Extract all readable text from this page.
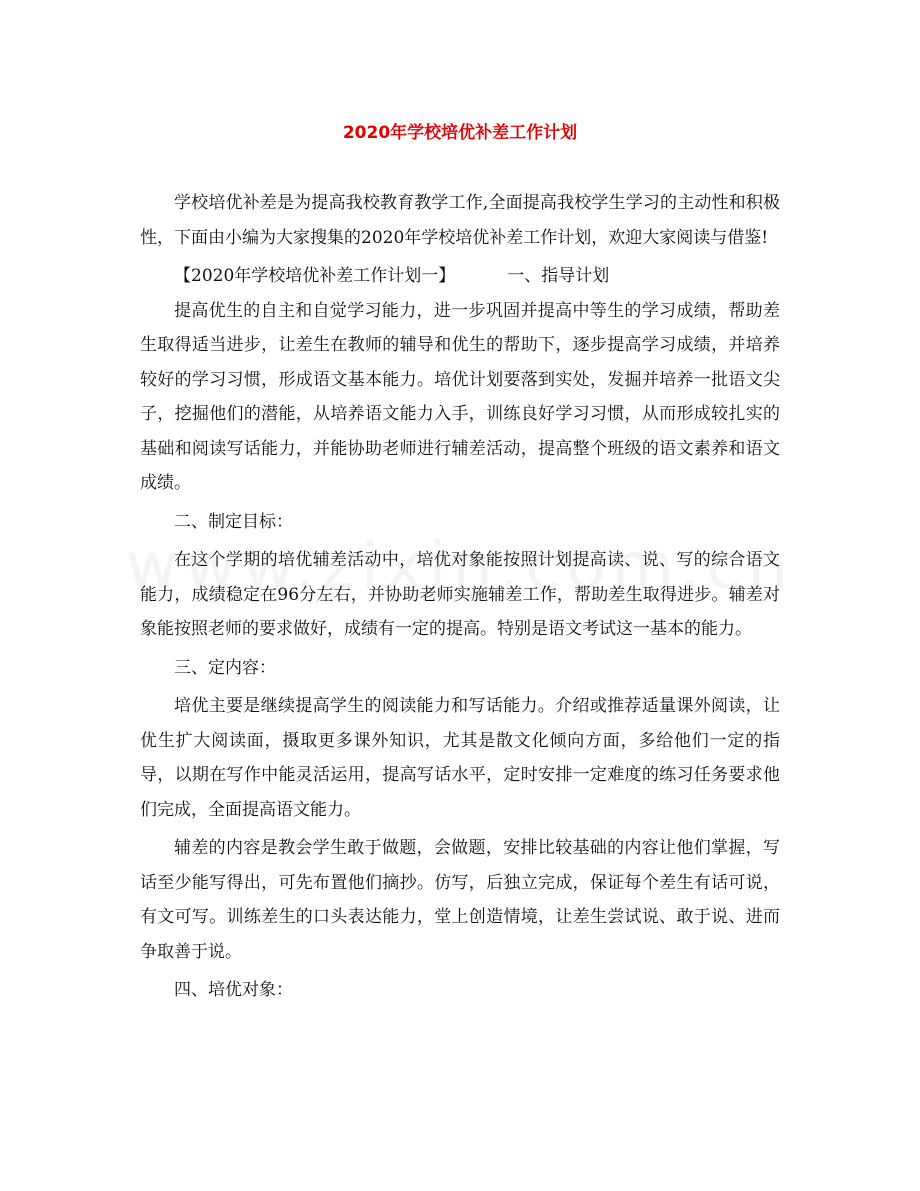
2020年学校培优补差工作计划

学校培优补差是为提高我校教育教学工作,全面提高我校学生学习的主动性和积极性，下面由小编为大家搜集的2020年学校培优补差工作计划，欢迎大家阅读与借鉴!

【2020年学校培优补差工作计划一】	一、指导计划

提高优生的自主和自觉学习能力，进一步巩固并提高中等生的学习成绩，帮助差生取得适当进步，让差生在教师的辅导和优生的帮助下，逐步提高学习成绩，并培养较好的学习习惯，形成语文基本能力。培优计划要落到实处，发掘并培养一批语文尖子，挖掘他们的潜能，从培养语文能力入手，训练良好学习习惯，从而形成较扎实的基础和阅读写话能力，并能协助老师进行辅差活动，提高整个班级的语文素养和语文成绩。

二、制定目标：

在这个学期的培优辅差活动中，培优对象能按照计划提高读、说、写的综合语文能力，成绩稳定在96分左右，并协助老师实施辅差工作，帮助差生取得进步。辅差对象能按照老师的要求做好，成绩有一定的提高。特别是语文考试这一基本的能力。

三、定内容：

培优主要是继续提高学生的阅读能力和写话能力。介绍或推荐适量课外阅读，让优生扩大阅读面，摄取更多课外知识，尤其是散文化倾向方面，多给他们一定的指导，以期在写作中能灵活运用，提高写话水平，定时安排一定难度的练习任务要求他们完成，全面提高语文能力。

辅差的内容是教会学生敢于做题，会做题，安排比较基础的内容让他们掌握，写话至少能写得出，可先布置他们摘抄。仿写，后独立完成，保证每个差生有话可说，有文可写。训练差生的口头表达能力，堂上创造情境，让差生尝试说、敢于说、进而争取善于说。

四、培优对象：
